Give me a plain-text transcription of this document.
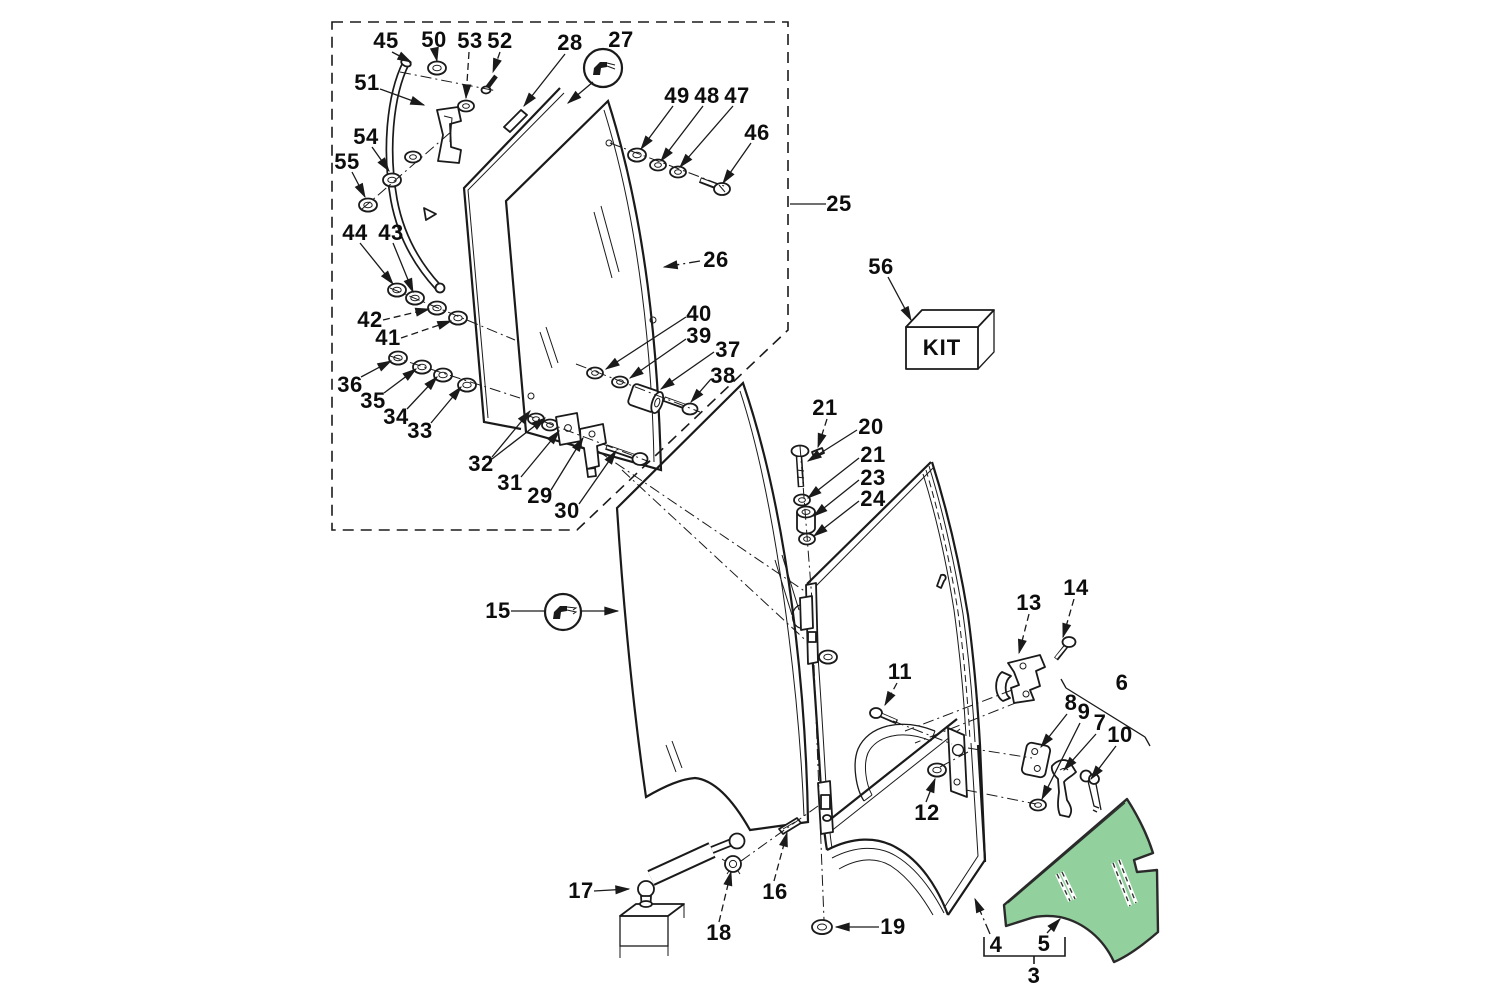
45 50 53 52 28 27
51
54
55
49 48 47
46
25
44 43
26	56
40
42
39
41	37
38
36
35
34
33
32
31
29
30
21
20
21
23
24
14
13
15
11	6
8 9 7 10
12
17	16
18	19
4 5
3
KIT
